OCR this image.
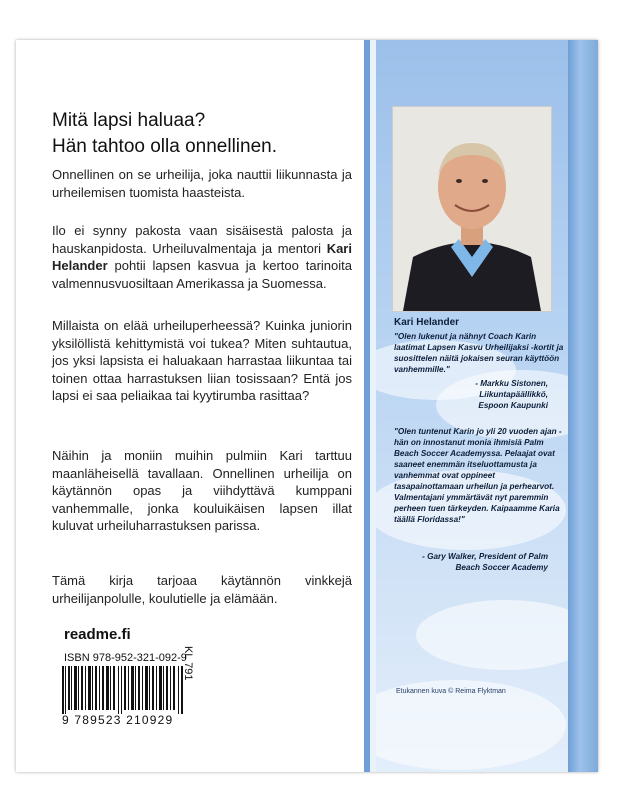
Mitä lapsi haluaa?
Hän tahtoo olla onnellinen.
Onnellinen on se urheilija, joka nauttii liikunnasta ja urheilemisen tuomista haasteista.
Ilo ei synny pakosta vaan sisäisestä palosta ja hauskanpidosta. Urheiluvalmentaja ja mentori Kari Helander pohtii lapsen kasvua ja kertoo tarinoita valmennusvuosiltaan Amerikassa ja Suomessa.
Millaista on elää urheiluperheessä? Kuinka juniorin yksilöllistä kehittymistä voi tukea? Miten suhtautua, jos yksi lapsista ei haluakaan harrastaa liikuntaa tai toinen ottaa harrastuksen liian tosissaan? Entä jos lapsi ei saa peliaikaa tai kyytirumba rasittaa?
Näihin ja moniin muihin pulmiin Kari tarttuu maanläheisellä tavallaan. Onnellinen urheilija on käytännön opas ja viihdyttävä kumppani vanhemmalle, jonka kouluikäisen lapsen illat kuluvat urheiluharrastuksen parissa.
Tämä kirja tarjoaa käytännön vinkkejä urheilijanpolulle, koulutielle ja elämään.
readme.fi
ISBN 978-952-321-092-9
9 789523 210929
KL 791
Kari Helander
"Olen lukenut ja nähnyt Coach Karin laatimat Lapsen Kasvu Urheilijaksi -kortit ja suosittelen näitä jokaisen seuran käyttöön vanhemmille."
- Markku Sistonen,
Liikuntapäällikkö,
Espoon Kaupunki
"Olen tuntenut Karin jo yli 20 vuoden ajan - hän on innostanut monia ihmisiä Palm Beach Soccer Academyssa. Pelaajat ovat saaneet enemmän itseluottamusta ja vanhemmat ovat oppineet tasapainottamaan urheilun ja perhearvot. Valmentajani ymmärtävät nyt paremmin perheen tuen tärkeyden. Kaipaamme Karia täällä Floridassa!"
- Gary Walker, President of Palm
Beach Soccer Academy
Etukannen kuva © Reima Flyktman
